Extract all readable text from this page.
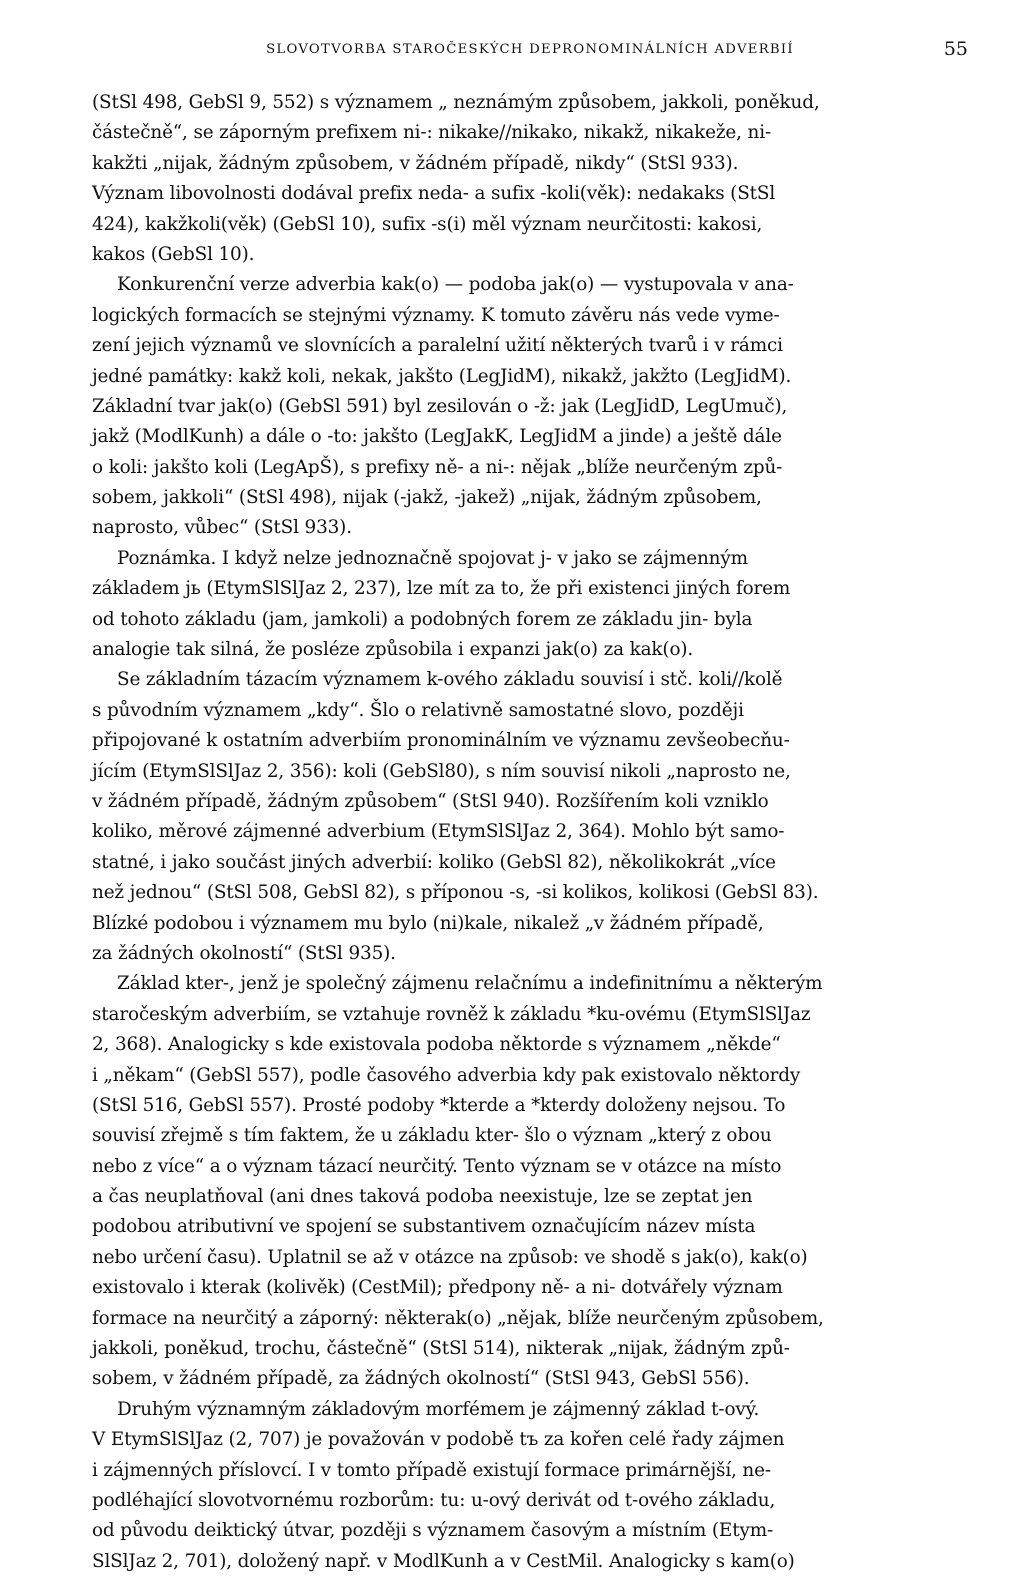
SLOVOTVORBA STAROČESKÝCH DEPRONOMINÁLNÍCH ADVERBIÍ	55
(StSl 498, GebSl 9, 552) s významem „ neznámým způsobem, jakkoli, poněkud,
částečně“, se záporným prefixem ni-: nikake//nikako, nikakž, nikakeže, ni-
kakžti „nijak, žádným způsobem, v žádném případě, nikdy“ (StSl 933).
Význam libovolnosti dodával prefix neda- a sufix -koli(věk): nedakaks (StSl
424), kakžkoli(věk) (GebSl 10), sufix -s(i) měl význam neurčitosti: kakosi,
kakos (GebSl 10).
Konkurenční verze adverbia kak(o) — podoba jak(o) — vystupovala v ana-
logických formacích se stejnými významy. K tomuto závěru nás vede vyme-
zení jejich významů ve slovnících a paralelní užití některých tvarů i v rámci
jedné památky: kakž koli, nekak, jakšto (LegJidM), nikakž, jakžto (LegJidM).
Základní tvar jak(o) (GebSl 591) byl zesilován o -ž: jak (LegJidD, LegUmuč),
jakž (ModlKunh) a dále o -to: jakšto (LegJakK, LegJidM a jinde) a ještě dále
o koli: jakšto koli (LegApŠ), s prefixy ně- a ni-: nějak „blíže neurčeným způ-
sobem, jakkoli“ (StSl 498), nijak (-jakž, -jakež) „nijak, žádným způsobem,
naprosto, vůbec“ (StSl 933).
Poznámka. I když nelze jednoznačně spojovat j- v jako se zájmenným
základem jь (EtymSlSlJaz 2, 237), lze mít za to, že při existenci jiných forem
od tohoto základu (jam, jamkoli) a podobných forem ze základu jin- byla
analogie tak silná, že posléze způsobila i expanzi jak(o) za kak(o).
Se základním tázacím významem k-ového základu souvisí i stč. koli//kolě
s původním významem „kdy“. Šlo o relativně samostatné slovo, později
připojované k ostatním adverbiím pronominálním ve významu zevšeobecňu-
jícím (EtymSlSlJaz 2, 356): koli (GebSl80), s ním souvisí nikoli „naprosto ne,
v žádném případě, žádným způsobem“ (StSl 940). Rozšířením koli vzniklo
koliko, měrové zájmenné adverbium (EtymSlSlJaz 2, 364). Mohlo být samo-
statné, i jako součást jiných adverbií: koliko (GebSl 82), několikokrát „více
než jednou“ (StSl 508, GebSl 82), s příponou -s, -si kolikos, kolikosi (GebSl 83).
Blízké podobou i významem mu bylo (ni)kale, nikalež „v žádném případě,
za žádných okolností“ (StSl 935).
Základ kter-, jenž je společný zájmenu relačnímu a indefinitnímu a některým
staročeským adverbiím, se vztahuje rovněž k základu *ku-ovému (EtymSlSlJaz
2, 368). Analogicky s kde existovala podoba něktorde s významem „někde“
i „někam“ (GebSl 557), podle časového adverbia kdy pak existovalo něktordy
(StSl 516, GebSl 557). Prosté podoby *kterde a *kterdy doloženy nejsou. To
souvisí zřejmě s tím faktem, že u základu kter- šlo o význam „který z obou
nebo z více“ a o význam tázací neurčitý. Tento význam se v otázce na místo
a čas neuplatňoval (ani dnes taková podoba neexistuje, lze se zeptat jen
podobou atributivní ve spojení se substantivem označujícím název místa
nebo určení času). Uplatnil se až v otázce na způsob: ve shodě s jak(o), kak(o)
existovalo i kterak (kolivěk) (CestMil); předpony ně- a ni- dotvářely význam
formace na neurčitý a záporný: některak(o) „nějak, blíže neurčeným způsobem,
jakkoli, poněkud, trochu, částečně“ (StSl 514), nikterak „nijak, žádným způ-
sobem, v žádném případě, za žádných okolností“ (StSl 943, GebSl 556).
Druhým významným základovým morfémem je zájmenný základ t-ový.
V EtymSlSlJaz (2, 707) je považován v podobě tъ za kořen celé řady zájmen
i zájmenných příslovcí. I v tomto případě existují formace primárnější, ne-
podléhající slovotvornému rozborům: tu: u-ový derivát od t-ového základu,
od původu deiktický útvar, později s významem časovým a místním (Etym-
SlSlJaz 2, 701), doložený např. v ModlKunh a v CestMil. Analogicky s kam(o)
